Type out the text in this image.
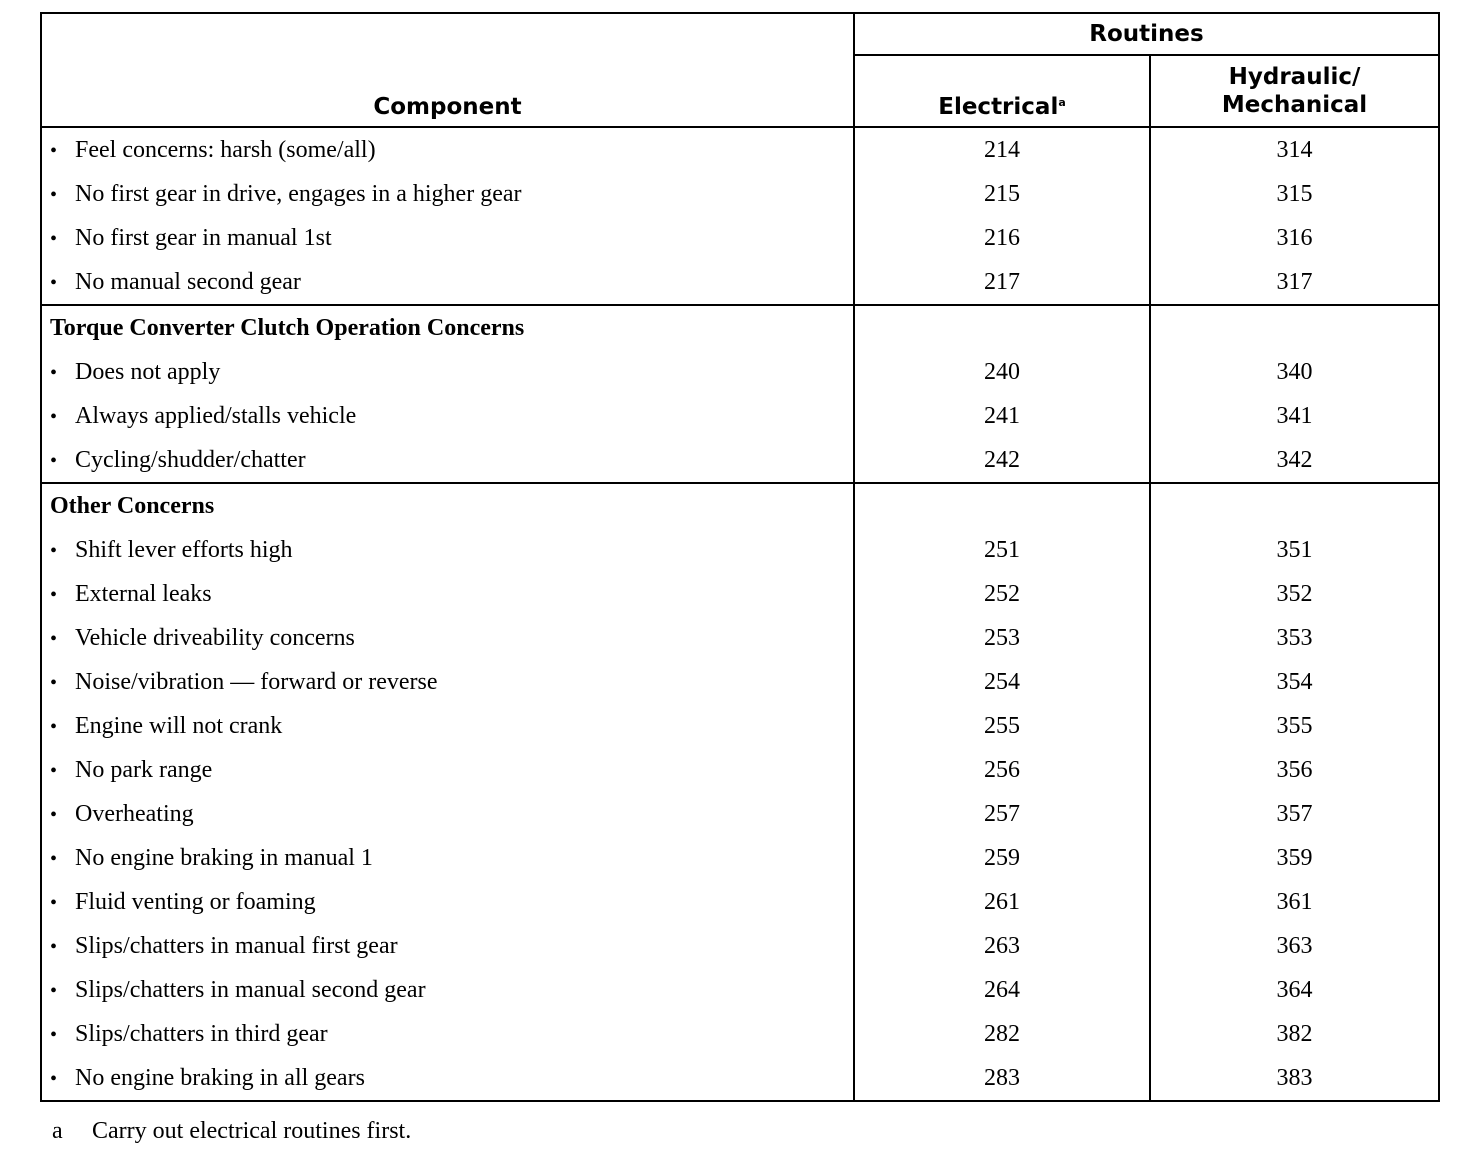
Component	Routines	
	Electrical$^a$	Hydraulic/
Mechanical
• Feel concerns: harsh (some/all)	214	314
• No first gear in drive, engages in a higher gear	215	315
• No first gear in manual 1st	216	316
• No manual second gear	217	317
Torque Converter Clutch Operation Concerns		
• Does not apply	240	340
• Always applied/stalls vehicle	241	341
• Cycling/shudder/chatter	242	342
Other Concerns		
• Shift lever efforts high	251	351
• External leaks	252	352
• Vehicle driveability concerns	253	353
• Noise/vibration — forward or reverse	254	354
• Engine will not crank	255	355
• No park range	256	356
• Overheating	257	357
• No engine braking in manual 1	259	359
• Fluid venting or foaming	261	361
• Slips/chatters in manual first gear	263	363
• Slips/chatters in manual second gear	264	364
• Slips/chatters in third gear	282	382
• No engine braking in all gears	283	383
a Carry out electrical routines first.
